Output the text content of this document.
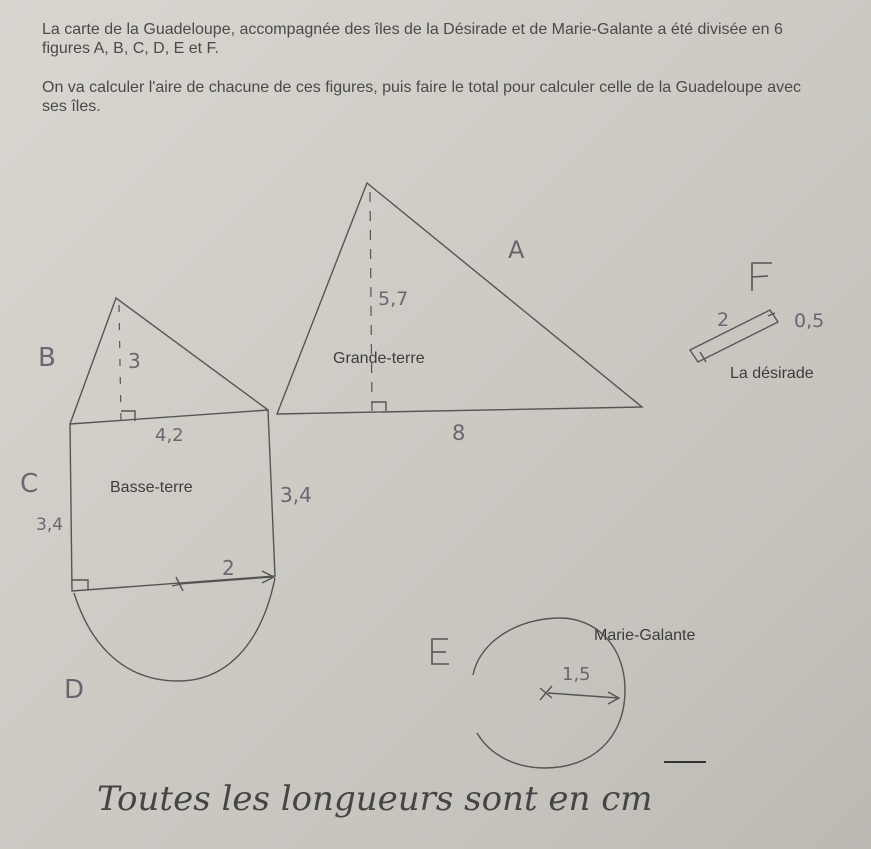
La carte de la Guadeloupe, accompagnée des îles de la Désirade et de Marie-Galante a été divisée en 6 figures A, B, C, D, E et F.

On va calculer l'aire de chacune de ces figures, puis faire le total pour calculer celle de la Guadeloupe avec ses îles.

A
5,7
Grande-terre
8
B	3
4,2
C	Basse-terre
3,4
3,4
2
D
Marie-Galante
1,5
2	0,5
La désirade
Toutes les longueurs sont en cm
